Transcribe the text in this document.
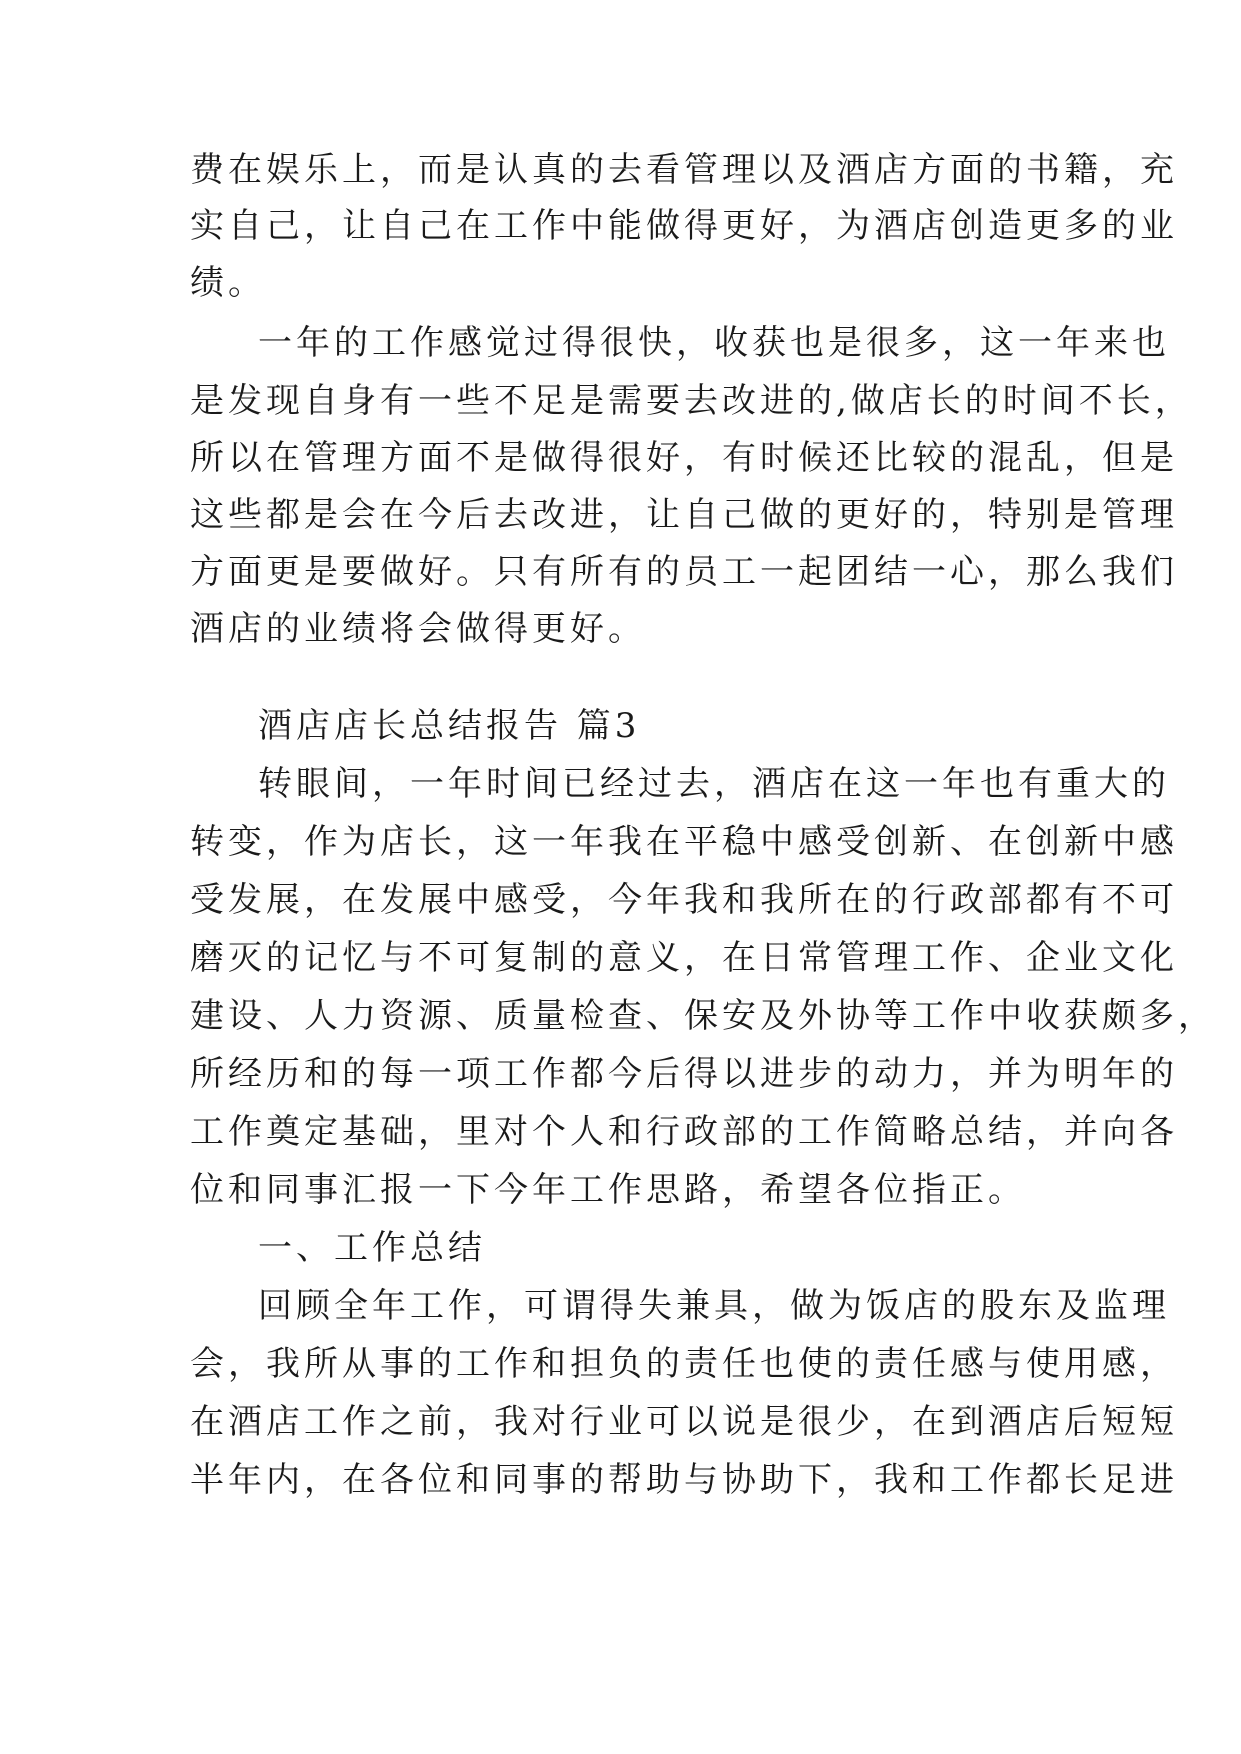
费在娱乐上，而是认真的去看管理以及酒店方面的书籍，充
实自己，让自己在工作中能做得更好，为酒店创造更多的业
绩。
一年的工作感觉过得很快，收获也是很多，这一年来也
是发现自身有一些不足是需要去改进的,做店长的时间不长，
所以在管理方面不是做得很好，有时候还比较的混乱，但是
这些都是会在今后去改进，让自己做的更好的，特别是管理
方面更是要做好。只有所有的员工一起团结一心，那么我们
酒店的业绩将会做得更好。
酒店店长总结报告 篇3
转眼间，一年时间已经过去，酒店在这一年也有重大的
转变，作为店长，这一年我在平稳中感受创新、在创新中感
受发展，在发展中感受，今年我和我所在的行政部都有不可
磨灭的记忆与不可复制的意义，在日常管理工作、企业文化
建设、人力资源、质量检查、保安及外协等工作中收获颇多，
所经历和的每一项工作都今后得以进步的动力，并为明年的
工作奠定基础，里对个人和行政部的工作简略总结，并向各
位和同事汇报一下今年工作思路，希望各位指正。
一、工作总结
回顾全年工作，可谓得失兼具，做为饭店的股东及监理
会，我所从事的工作和担负的责任也使的责任感与使用感，
在酒店工作之前，我对行业可以说是很少，在到酒店后短短
半年内，在各位和同事的帮助与协助下，我和工作都长足进
